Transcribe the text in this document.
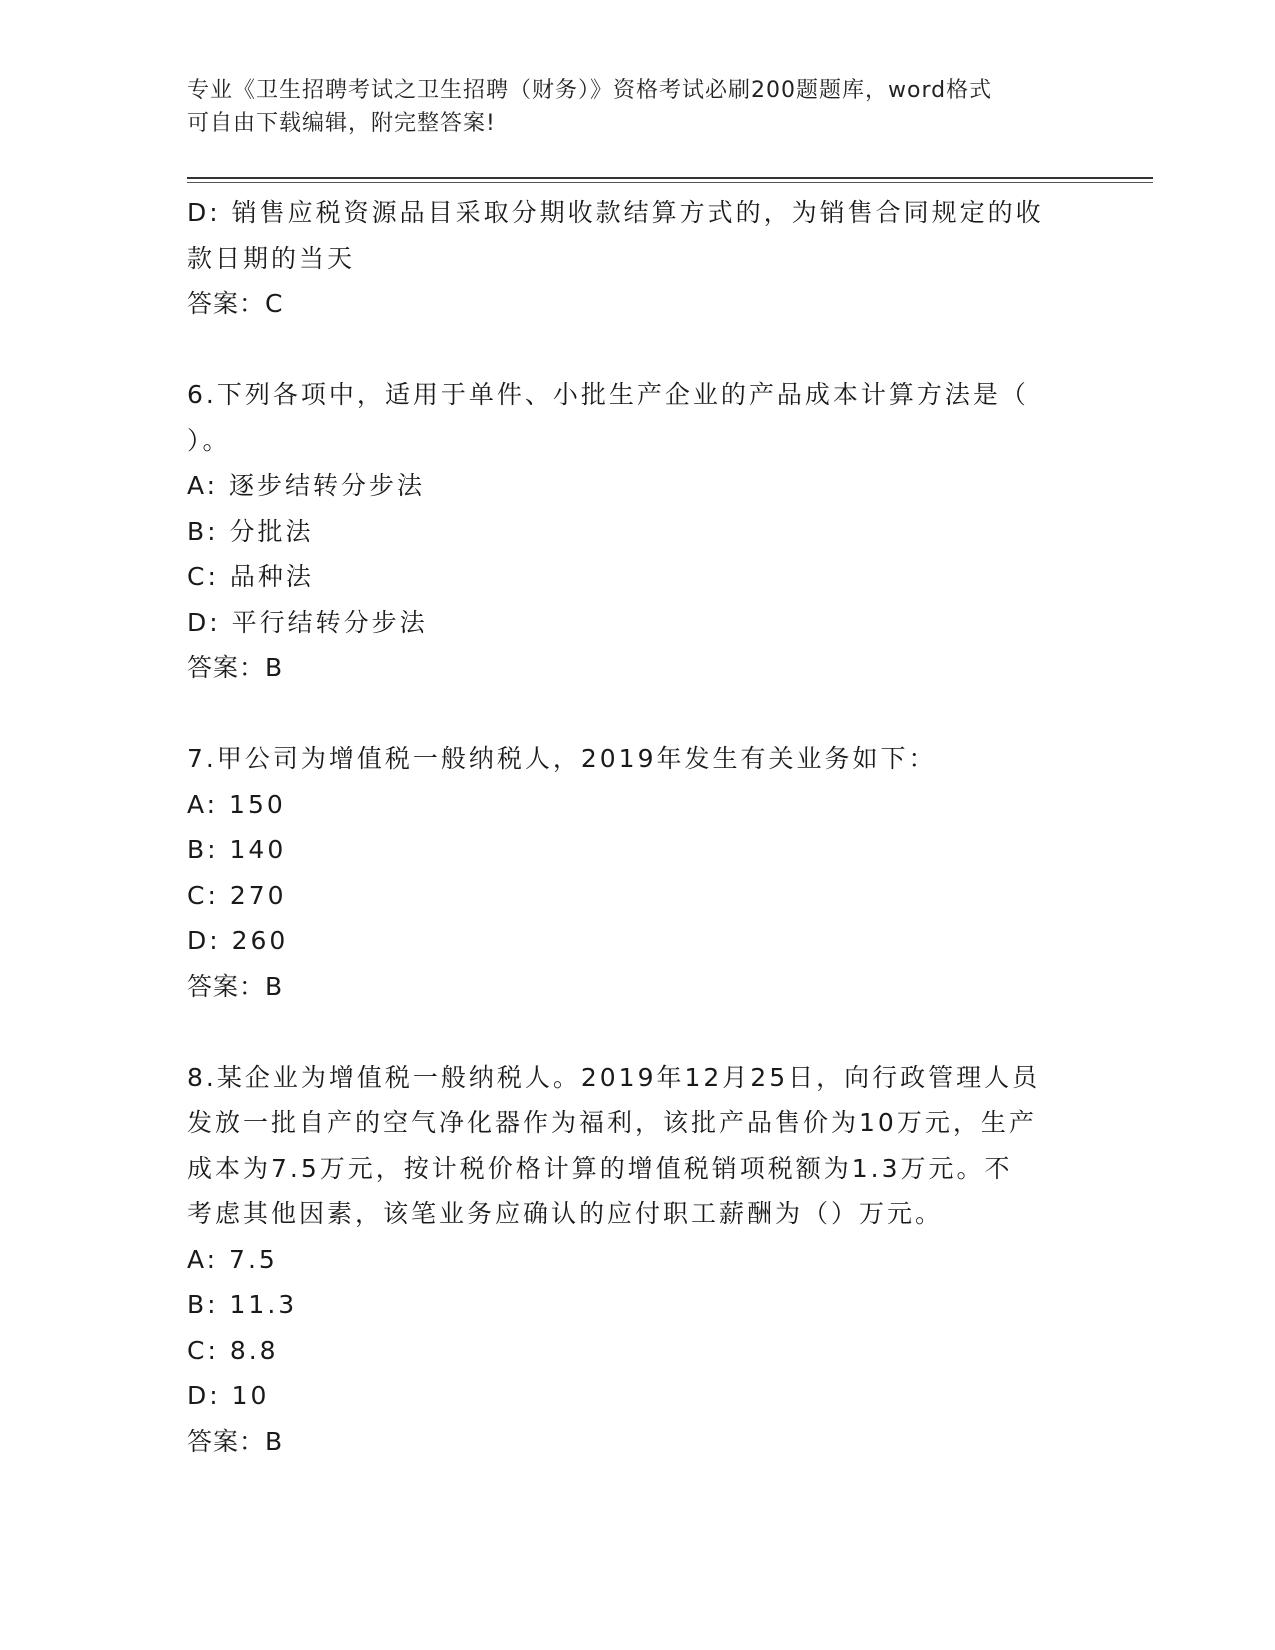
专业《卫生招聘考试之卫生招聘（财务）》资格考试必刷200题题库，word格式
可自由下载编辑，附完整答案!
D: 销售应税资源品目采取分期收款结算方式的，为销售合同规定的收
款日期的当天
答案：C
6.下列各项中，适用于单件、小批生产企业的产品成本计算方法是（
）。
A: 逐步结转分步法
B: 分批法
C: 品种法
D: 平行结转分步法
答案：B
7.甲公司为增值税一般纳税人，2019年发生有关业务如下：
A: 150
B: 140
C: 270
D: 260
答案：B
8.某企业为增值税一般纳税人。2019年12月25日，向行政管理人员
发放一批自产的空气净化器作为福利，该批产品售价为10万元，生产
成本为7.5万元，按计税价格计算的增值税销项税额为1.3万元。不
考虑其他因素，该笔业务应确认的应付职工薪酬为（）万元。
A: 7.5
B: 11.3
C: 8.8
D: 10
答案：B
